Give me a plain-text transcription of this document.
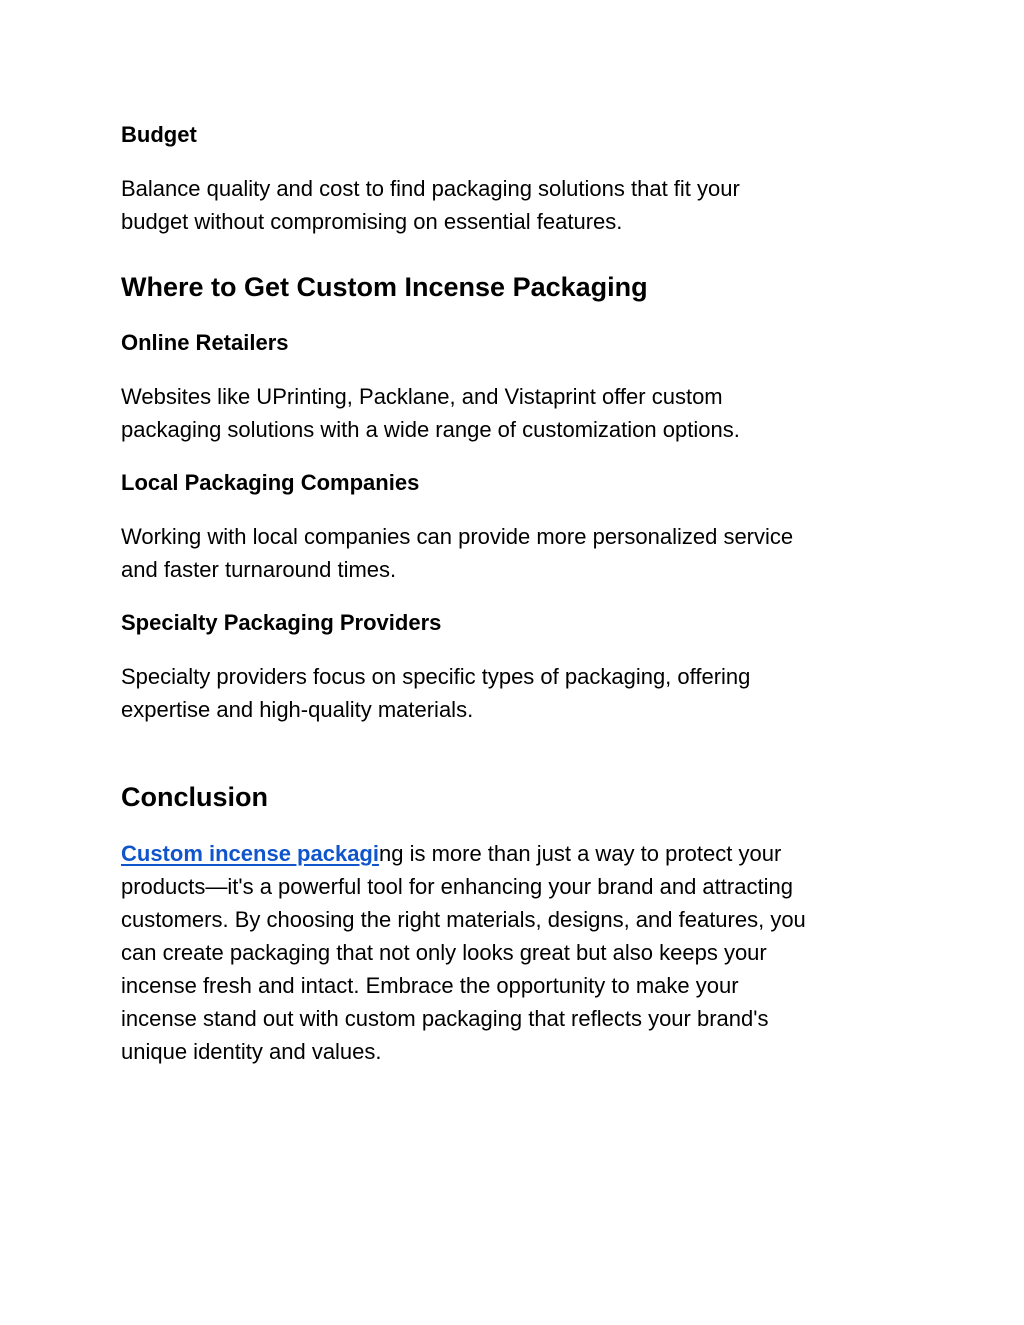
Budget

Balance quality and cost to find packaging solutions that fit your
budget without compromising on essential features.

Where to Get Custom Incense Packaging
Online Retailers

Websites like UPrinting, Packlane, and Vistaprint offer custom
packaging solutions with a wide range of customization options.

Local Packaging Companies

Working with local companies can provide more personalized service
and faster turnaround times.

Specialty Packaging Providers

Specialty providers focus on specific types of packaging, offering
expertise and high-quality materials.

Conclusion

Custom incense packaging is more than just a way to protect your
products—it's a powerful tool for enhancing your brand and attracting
customers. By choosing the right materials, designs, and features, you
can create packaging that not only looks great but also keeps your
incense fresh and intact. Embrace the opportunity to make your
incense stand out with custom packaging that reflects your brand's
unique identity and values.
